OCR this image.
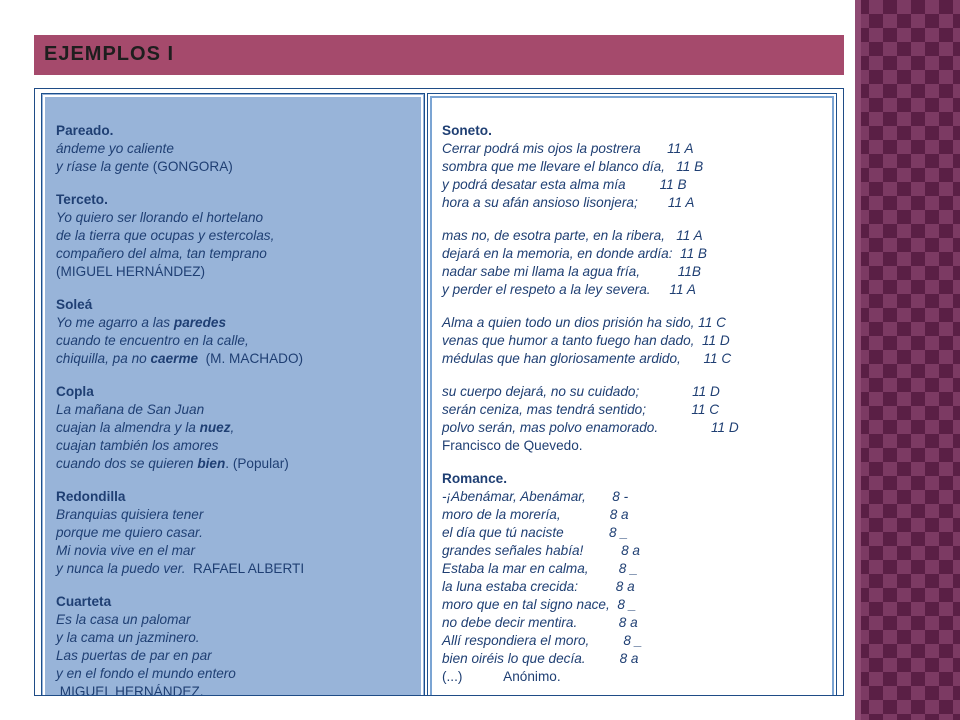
EJEMPLOS I
Pareado.
ándeme yo caliente
y ríase la gente (GONGORA)
Terceto.
Yo quiero ser llorando el hortelano
de la tierra que ocupas y estercolas,
compañero del alma, tan temprano
(MIGUEL HERNÁNDEZ)
Soleá
Yo me agarro a las paredes
cuando te encuentro en la calle,
chiquilla, pa no caerme  (M. MACHADO)
Copla
La mañana de San Juan
cuajan la almendra y la nuez,
cuajan también los amores
cuando dos se quieren bien. (Popular)
Redondilla
Branquias quisiera tener
porque me quiero casar.
Mi novia vive en el mar
y nunca la puedo ver.  RAFAEL ALBERTI
Cuarteta
Es la casa un palomar
y la cama un jazminero.
Las puertas de par en par
y en el fondo el mundo entero
MIGUEL HERNÁNDEZ.
Soneto.
Cerrar podrá mis ojos la postrera       11 A
sombra que me llevare el blanco día,   11 B
y podrá desatar esta alma mía         11 B
hora a su afán ansioso lisonjera;        11 A
mas no, de esotra parte, en la ribera,   11 A
dejará en la memoria, en donde ardía:  11 B
nadar sabe mi llama la agua fría,          11B
y perder el respeto a la ley severa.     11 A
Alma a quien todo un dios prisión ha sido, 11 C
venas que humor a tanto fuego han dado,  11 D
médulas que han gloriosamente ardido,      11 C
su cuerpo dejará, no su cuidado;              11 D
serán ceniza, mas tendrá sentido;            11 C
polvo serán, mas polvo enamorado.              11 D
Francisco de Quevedo.
Romance.
-¡Abenámar, Abenámar,       8 -
moro de la morería,             8 a
el día que tú naciste            8 _
grandes señales había!          8 a
Estaba la mar en calma,        8 _
la luna estaba crecida:          8 a
moro que en tal signo nace,  8 _
no debe decir mentira.           8 a
Allí respondiera el moro,         8 _
bien oiréis lo que decía.         8 a
(...)           Anónimo.
